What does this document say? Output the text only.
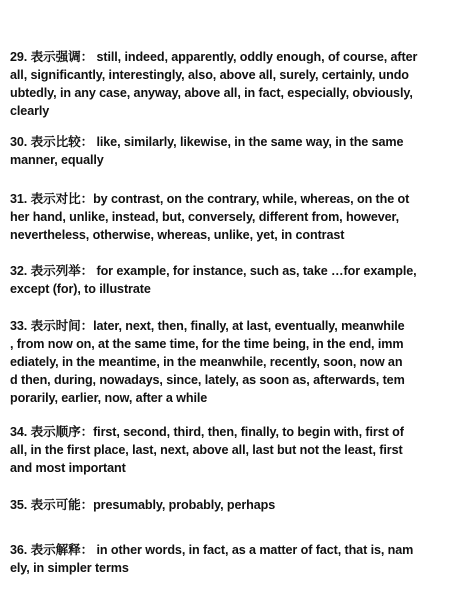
29. 表示强调： still, indeed, apparently, oddly enough, of course, after
all, significantly, interestingly, also, above all, surely, certainly, undo
ubtedly, in any case, anyway, above all, in fact, especially, obviously,
clearly
30. 表示比较： like, similarly, likewise, in the same way, in the same
manner, equally
31. 表示对比：by contrast, on the contrary, while, whereas, on the ot
her hand, unlike, instead, but, conversely, different from, however,
nevertheless, otherwise, whereas, unlike, yet, in contrast
32. 表示列举： for example, for instance, such as, take …for example,
except (for), to illustrate
33. 表示时间：later, next, then, finally, at last, eventually, meanwhile
, from now on, at the same time, for the time being, in the end, imm
ediately, in the meantime, in the meanwhile, recently, soon, now an
d then, during, nowadays, since, lately, as soon as, afterwards, tem
porarily, earlier, now, after a while
34. 表示顺序：first, second, third, then, finally, to begin with, first of
all, in the first place, last, next, above all, last but not the least, first
and most important
35. 表示可能：presumably, probably, perhaps
36. 表示解释： in other words, in fact, as a matter of fact, that is, nam
ely, in simpler terms
